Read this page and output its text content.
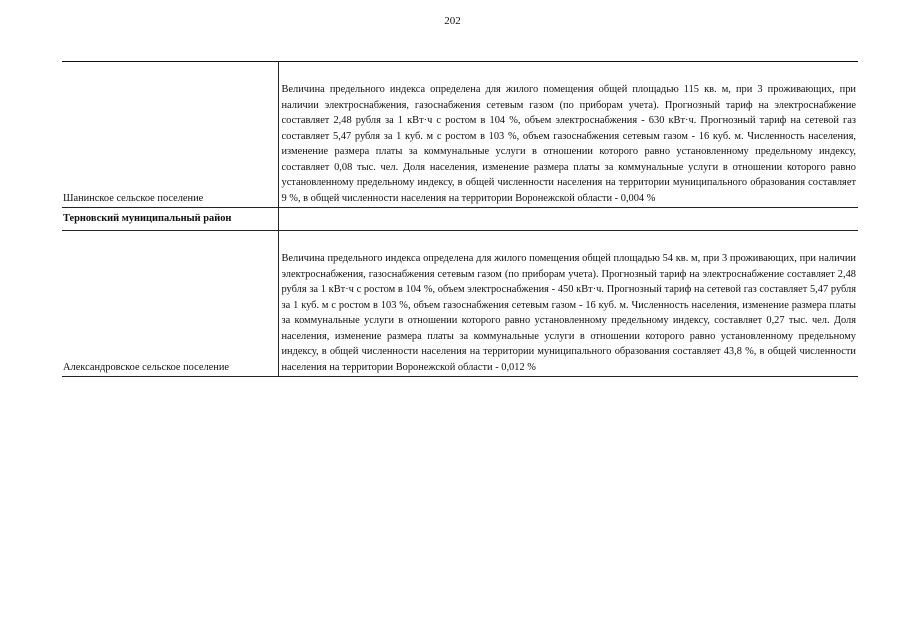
202
Шанинское сельское поселение	Величина предельного индекса определена для жилого помещения общей площадью 115 кв. м, при 3 проживающих, при наличии электроснабжения, газоснабжения сетевым газом (по приборам учета). Прогнозный тариф на электроснабжение составляет 2,48 рубля за 1 кВт·ч с ростом в 104 %, объем электроснабжения - 630 кВт·ч. Прогнозный тариф на сетевой газ составляет 5,47 рубля за 1 куб. м с ростом в 103 %, объем газоснабжения сетевым газом - 16 куб. м. Численность населения, изменение размера платы за коммунальные услуги в отношении которого равно установленному предельному индексу, составляет 0,08 тыс. чел. Доля населения, изменение размера платы за коммунальные услуги в отношении которого равно установленному предельному индексу, в общей численности населения на территории муниципального образования составляет 9 %, в общей численности населения на территории Воронежской области - 0,004 %

Терновский муниципальный район	
Александровское сельское поселение	Величина предельного индекса определена для жилого помещения общей площадью 54 кв. м, при 3 проживающих, при наличии электроснабжения, газоснабжения сетевым газом (по приборам учета). Прогнозный тариф на электроснабжение составляет 2,48 рубля за 1 кВт·ч с ростом в 104 %, объем электроснабжения - 450 кВт·ч. Прогнозный тариф на сетевой газ составляет 5,47 рубля за 1 куб. м с ростом в 103 %, объем газоснабжения сетевым газом - 16 куб. м. Численность населения, изменение размера платы за коммунальные услуги в отношении которого равно установленному предельному индексу, составляет 0,27 тыс. чел. Доля населения, изменение размера платы за коммунальные услуги в отношении которого равно установленному предельному индексу, в общей численности населения на территории муниципального образования составляет 43,8 %, в общей численности населения на территории Воронежской области - 0,012 %
